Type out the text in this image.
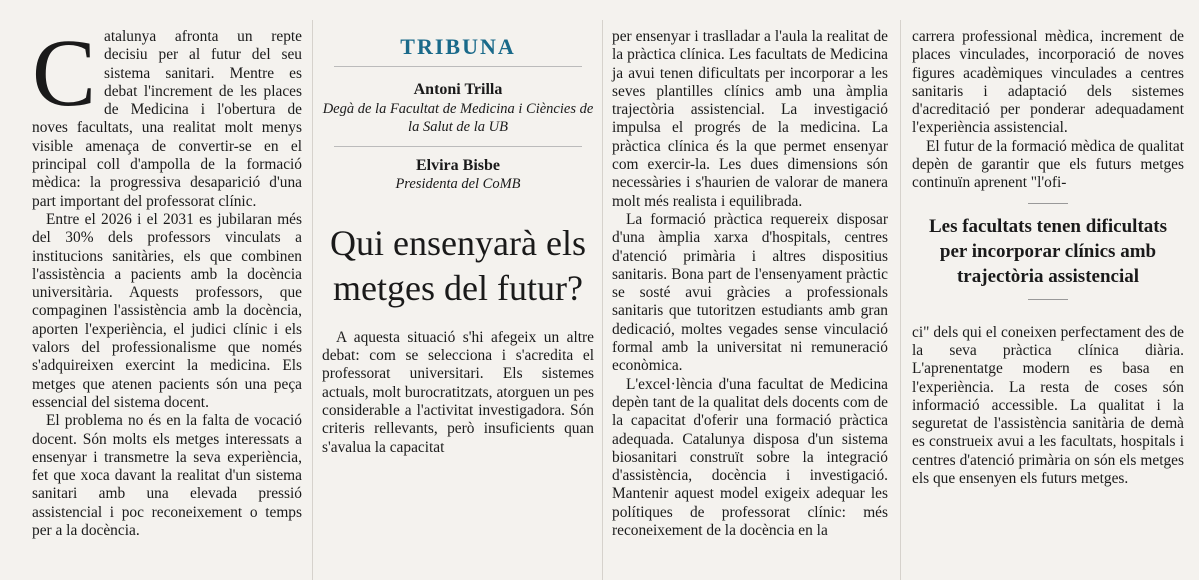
C atalunya afronta un repte decisiu per al futur del seu sistema sanitari. Mentre es debat l'increment de les places de Medicina i l'obertura de noves facultats, una realitat molt menys visible amenaça de convertir-se en el principal coll d'ampolla de la formació mèdica: la progressiva desaparició d'una part important del professorat clínic.

Entre el 2026 i el 2031 es jubilaran més del 30% dels professors vinculats a institucions sanitàries, els que combinen l'assistència a pacients amb la docència universitària. Aquests professors, que compaginen l'assistència amb la docència, aporten l'experiència, el judici clínic i els valors del professionalisme que només s'adquireixen exercint la medicina. Els metges que atenen pacients són una peça essencial del sistema docent.

El problema no és en la falta de vocació docent. Són molts els metges interessats a ensenyar i transmetre la seva experiència, fet que xoca davant la realitat d'un sistema sanitari amb una elevada pressió assistencial i poc reconeixement o temps per a la docència.

TRIBUNA
Antoni Trilla
Degà de la Facultat de Medicina i Ciències de la Salut de la UB
Elvira Bisbe
Presidenta del CoMB
Qui ensenyarà els metges del futur?

A aquesta situació s'hi afegeix un altre debat: com se selecciona i s'acredita el professorat universitari. Els sistemes actuals, molt burocratitzats, atorguen un pes considerable a l'activitat investigadora. Són criteris rellevants, però insuficients quan s'avalua la capacitat

per ensenyar i traslladar a l'aula la realitat de la pràctica clínica. Les facultats de Medicina ja avui tenen dificultats per incorporar a les seves plantilles clínics amb una àmplia trajectòria assistencial. La investigació impulsa el progrés de la medicina. La pràctica clínica és la que permet ensenyar com exercir-la. Les dues dimensions són necessàries i s'haurien de valorar de manera molt més realista i equilibrada.

La formació pràctica requereix disposar d'una àmplia xarxa d'hospitals, centres d'atenció primària i altres dispositius sanitaris. Bona part de l'ensenyament pràctic se sosté avui gràcies a professionals sanitaris que tutoritzen estudiants amb gran dedicació, moltes vegades sense vinculació formal amb la universitat ni remuneració econòmica.

L'excel·lència d'una facultat de Medicina depèn tant de la qualitat dels docents com de la capacitat d'oferir una formació pràctica adequada. Catalunya disposa d'un sistema biosanitari construït sobre la integració d'assistència, docència i investigació. Mantenir aquest model exigeix adequar les polítiques de professorat clínic: més reconeixement de la docència en la

carrera professional mèdica, increment de places vinculades, incorporació de noves figures acadèmiques vinculades a centres sanitaris i adaptació dels sistemes d'acreditació per ponderar adequadament l'experiència assistencial.

El futur de la formació mèdica de qualitat depèn de garantir que els futurs metges continuïn aprenent "l'ofi-

Les facultats tenen dificultats per incorporar clínics amb trajectòria assistencial

ci" dels qui el coneixen perfectament des de la seva pràctica clínica diària. L'aprenentatge modern es basa en l'experiència. La resta de coses són informació accessible. La qualitat i la seguretat de l'assistència sanitària de demà es construeix avui a les facultats, hospitals i centres d'atenció primària on són els metges els que ensenyen els futurs metges.
